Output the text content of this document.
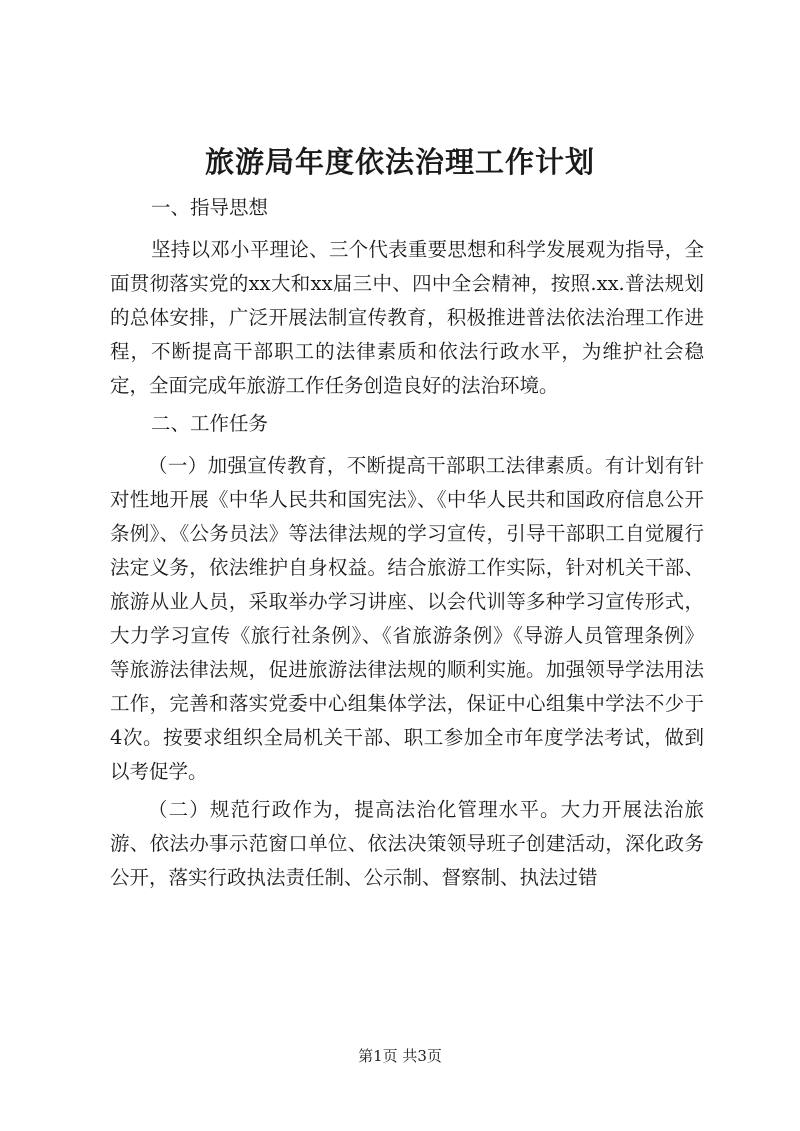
旅游局年度依法治理工作计划
一、指导思想

坚持以邓小平理论、三个代表重要思想和科学发展观为指导，全面贯彻落实党的xx大和xx届三中、四中全会精神，按照.xx.普法规划的总体安排，广泛开展法制宣传教育，积极推进普法依法治理工作进程，不断提高干部职工的法律素质和依法行政水平，为维护社会稳定，全面完成年旅游工作任务创造良好的法治环境。

二、工作任务

（一）加强宣传教育，不断提高干部职工法律素质。有计划有针对性地开展《中华人民共和国宪法》、《中华人民共和国政府信息公开条例》、《公务员法》等法律法规的学习宣传，引导干部职工自觉履行法定义务，依法维护自身权益。结合旅游工作实际，针对机关干部、旅游从业人员，采取举办学习讲座、以会代训等多种学习宣传形式，大力学习宣传《旅行社条例》、《省旅游条例》《导游人员管理条例》等旅游法律法规，促进旅游法律法规的顺利实施。加强领导学法用法工作，完善和落实党委中心组集体学法，保证中心组集中学法不少于4次。按要求组织全局机关干部、职工参加全市年度学法考试，做到以考促学。

（二）规范行政作为，提高法治化管理水平。大力开展法治旅游、依法办事示范窗口单位、依法决策领导班子创建活动，深化政务公开，落实行政执法责任制、公示制、督察制、执法过错

第1页 共3页
